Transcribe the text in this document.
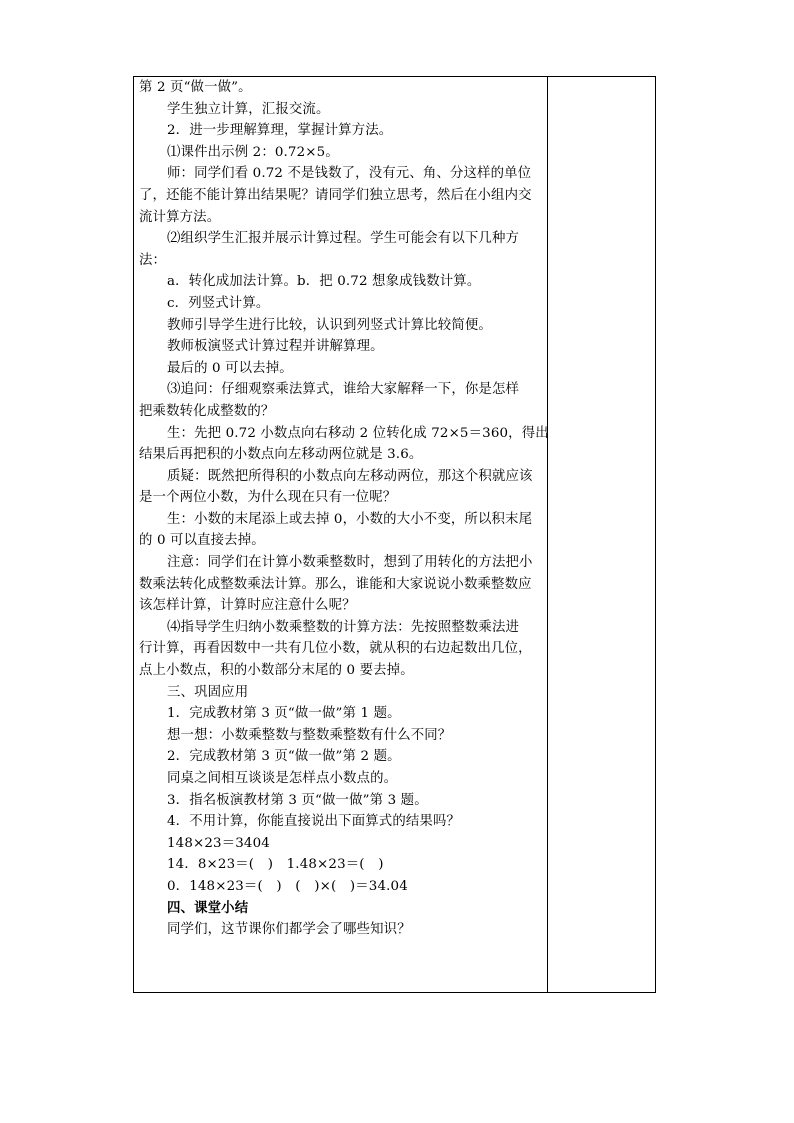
第 2 页“做一做”。
学生独立计算，汇报交流。
2．进一步理解算理，掌握计算方法。
⑴课件出示例 2：0.72×5。
师：同学们看 0.72 不是钱数了，没有元、角、分这样的单位
了，还能不能计算出结果呢？请同学们独立思考，然后在小组内交
流计算方法。
⑵组织学生汇报并展示计算过程。学生可能会有以下几种方
法：
a．转化成加法计算。b．把 0.72 想象成钱数计算。
c．列竖式计算。
教师引导学生进行比较，认识到列竖式计算比较简便。
教师板演竖式计算过程并讲解算理。
最后的 0 可以去掉。
⑶追问：仔细观察乘法算式，谁给大家解释一下，你是怎样
把乘数转化成整数的？
生：先把 0.72 小数点向右移动 2 位转化成 72×5＝360，得出
结果后再把积的小数点向左移动两位就是 3.6。
质疑：既然把所得积的小数点向左移动两位，那这个积就应该
是一个两位小数，为什么现在只有一位呢？
生：小数的末尾添上或去掉 0，小数的大小不变，所以积末尾
的 0 可以直接去掉。
注意：同学们在计算小数乘整数时，想到了用转化的方法把小
数乘法转化成整数乘法计算。那么，谁能和大家说说小数乘整数应
该怎样计算，计算时应注意什么呢？
⑷指导学生归纳小数乘整数的计算方法：先按照整数乘法进
行计算，再看因数中一共有几位小数，就从积的右边起数出几位，
点上小数点，积的小数部分末尾的 0 要去掉。
三、巩固应用
1．完成教材第 3 页“做一做”第 1 题。
想一想：小数乘整数与整数乘整数有什么不同？
2．完成教材第 3 页“做一做”第 2 题。
同桌之间相互谈谈是怎样点小数点的。
3．指名板演教材第 3 页“做一做”第 3 题。
4．不用计算，你能直接说出下面算式的结果吗？
148×23＝3404
14．8×23＝(　)　1.48×23＝(　)
0．148×23＝(　)　(　)×(　)＝34.04
四、课堂小结
同学们，这节课你们都学会了哪些知识？
